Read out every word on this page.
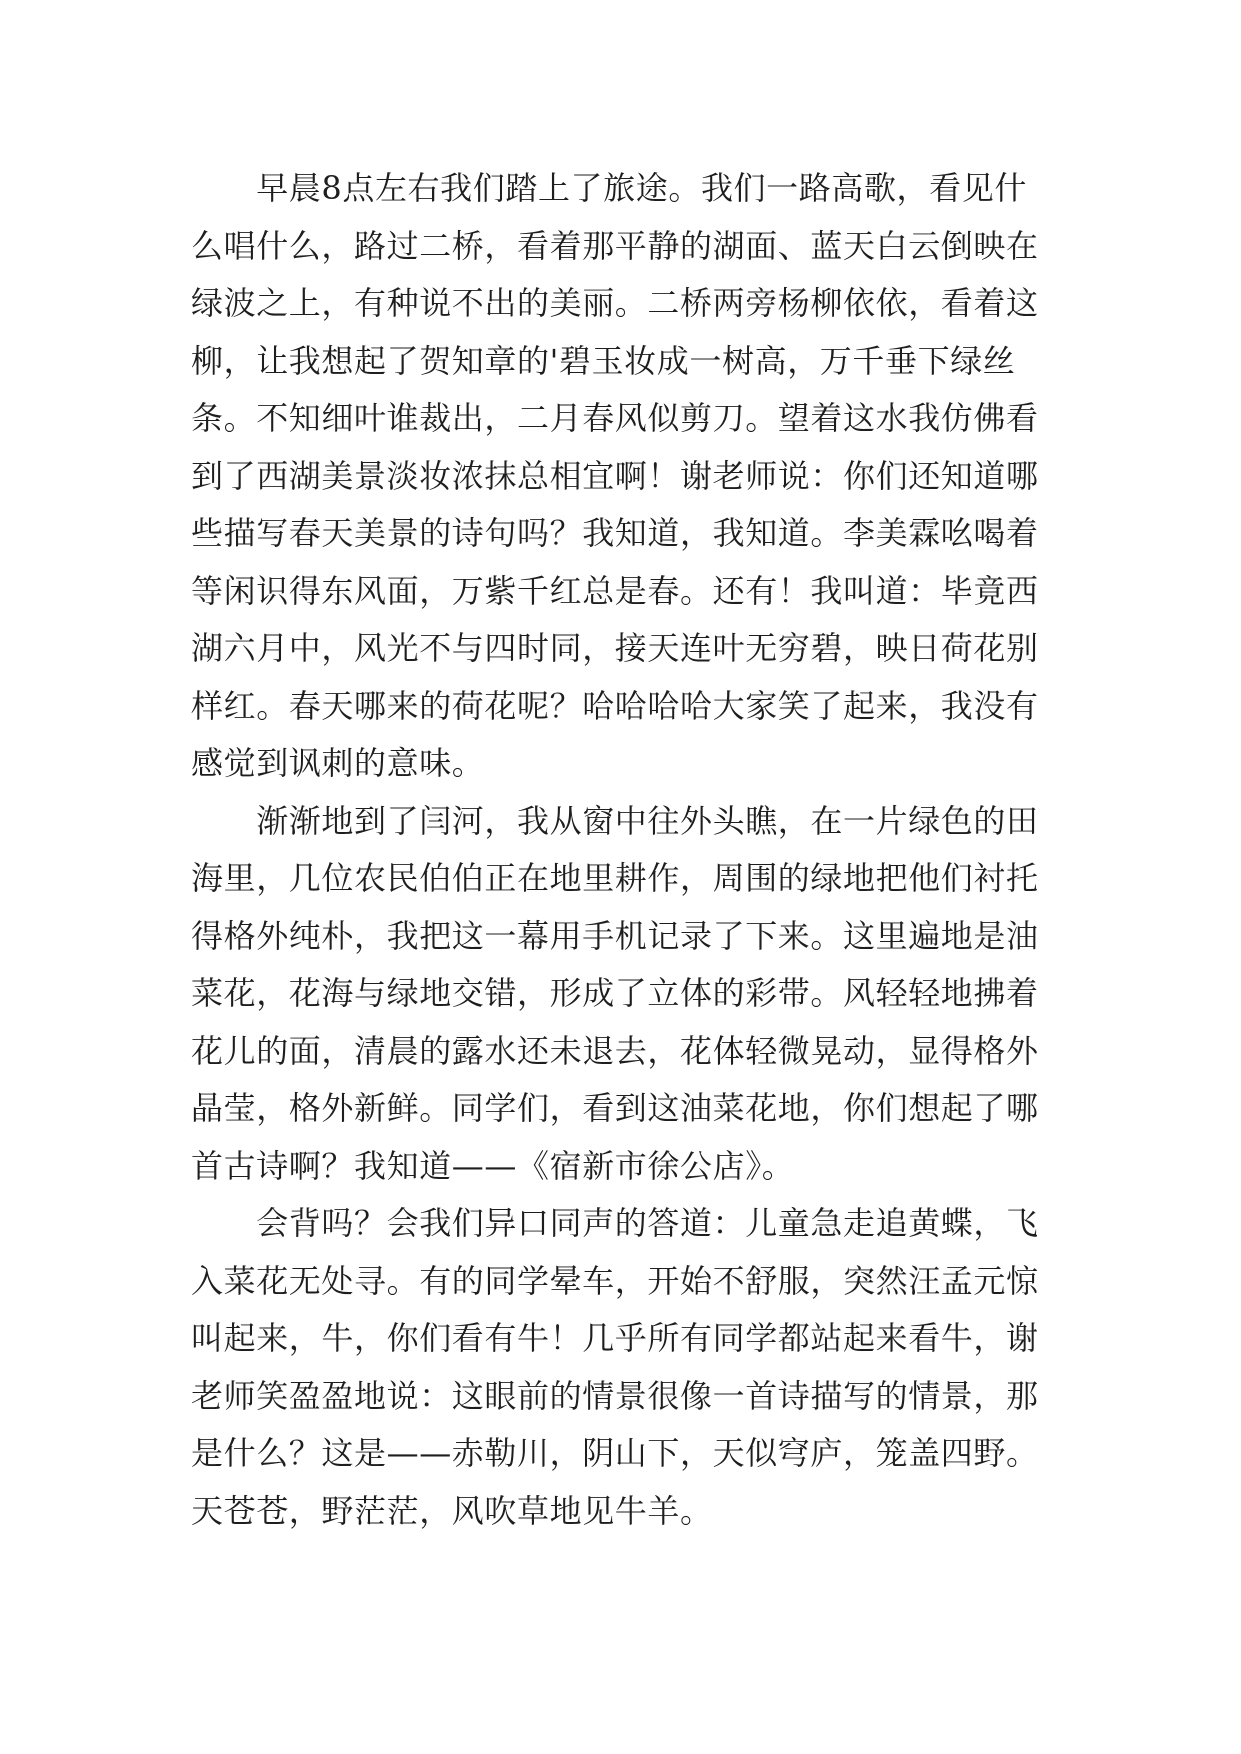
　　早晨8点左右我们踏上了旅途。我们一路高歌，看见什
么唱什么，路过二桥，看着那平静的湖面、蓝天白云倒映在
绿波之上，有种说不出的美丽。二桥两旁杨柳依依，看着这
柳，让我想起了贺知章的'碧玉妆成一树高，万千垂下绿丝
条。不知细叶谁裁出，二月春风似剪刀。望着这水我仿佛看
到了西湖美景淡妆浓抹总相宜啊！谢老师说：你们还知道哪
些描写春天美景的诗句吗？我知道，我知道。李美霖吆喝着
等闲识得东风面，万紫千红总是春。还有！我叫道：毕竟西
湖六月中，风光不与四时同，接天连叶无穷碧，映日荷花别
样红。春天哪来的荷花呢？哈哈哈哈大家笑了起来，我没有
感觉到讽刺的意味。
　　渐渐地到了闫河，我从窗中往外头瞧，在一片绿色的田
海里，几位农民伯伯正在地里耕作，周围的绿地把他们衬托
得格外纯朴，我把这一幕用手机记录了下来。这里遍地是油
菜花，花海与绿地交错，形成了立体的彩带。风轻轻地拂着
花儿的面，清晨的露水还未退去，花体轻微晃动，显得格外
晶莹，格外新鲜。同学们，看到这油菜花地，你们想起了哪
首古诗啊？我知道——《宿新市徐公店》。
　　会背吗？会我们异口同声的答道：儿童急走追黄蝶，飞
入菜花无处寻。有的同学晕车，开始不舒服，突然汪孟元惊
叫起来，牛，你们看有牛！几乎所有同学都站起来看牛，谢
老师笑盈盈地说：这眼前的情景很像一首诗描写的情景，那
是什么？这是——赤勒川，阴山下，天似穹庐，笼盖四野。
天苍苍，野茫茫，风吹草地见牛羊。
